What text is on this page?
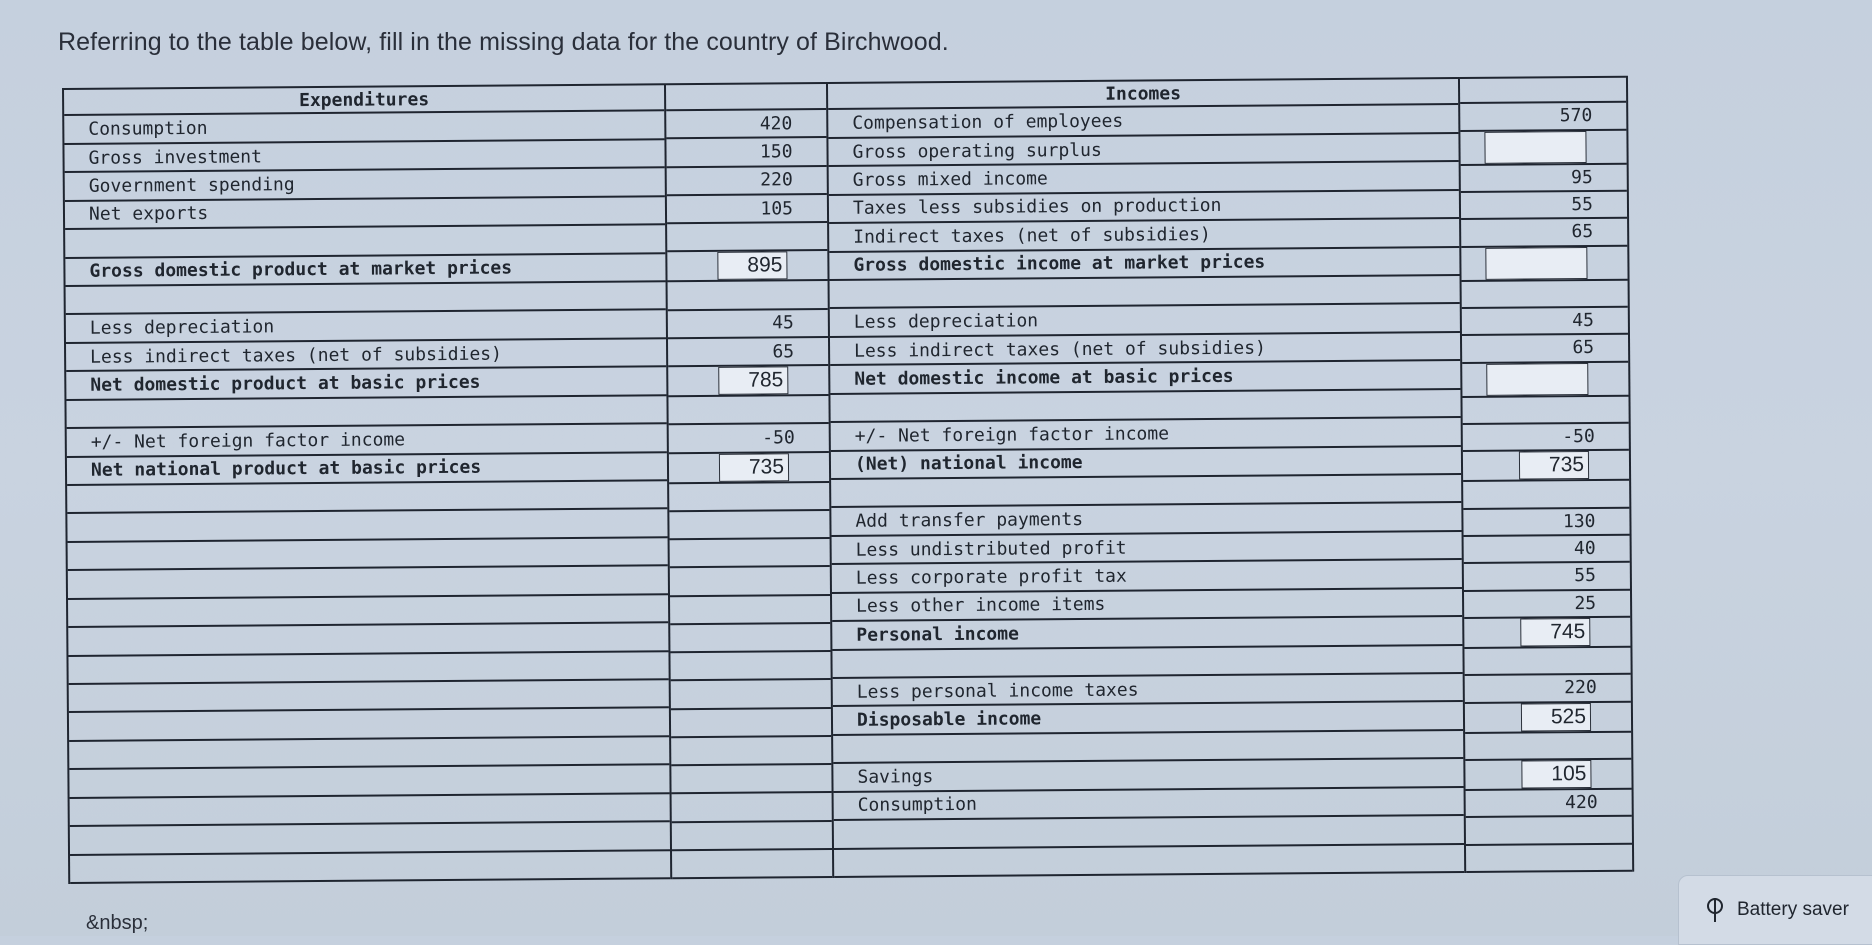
Referring to the table below, fill in the missing data for the country of Birchwood.
Expenditures
Consumption
Gross investment
Government spending
Net exports
Gross domestic product at market prices
Less depreciation
Less indirect taxes (net of subsidies)
Net domestic product at basic prices
+/- Net foreign factor income
Net national product at basic prices
420
150
220
105
895
45
65
785
-50
735
Incomes
Compensation of employees
Gross operating surplus
Gross mixed income
Taxes less subsidies on production
Indirect taxes (net of subsidies)
Gross domestic income at market prices
Less depreciation
Less indirect taxes (net of subsidies)
Net domestic income at basic prices
+/- Net foreign factor income
(Net) national income
Add transfer payments
Less undistributed profit
Less corporate profit tax
Less other income items
Personal income
Less personal income taxes
Disposable income
Savings
Consumption
570
95
55
65
45
65
-50
735
130
40
55
25
745
220
525
105
420
&nbsp;
Battery saver
